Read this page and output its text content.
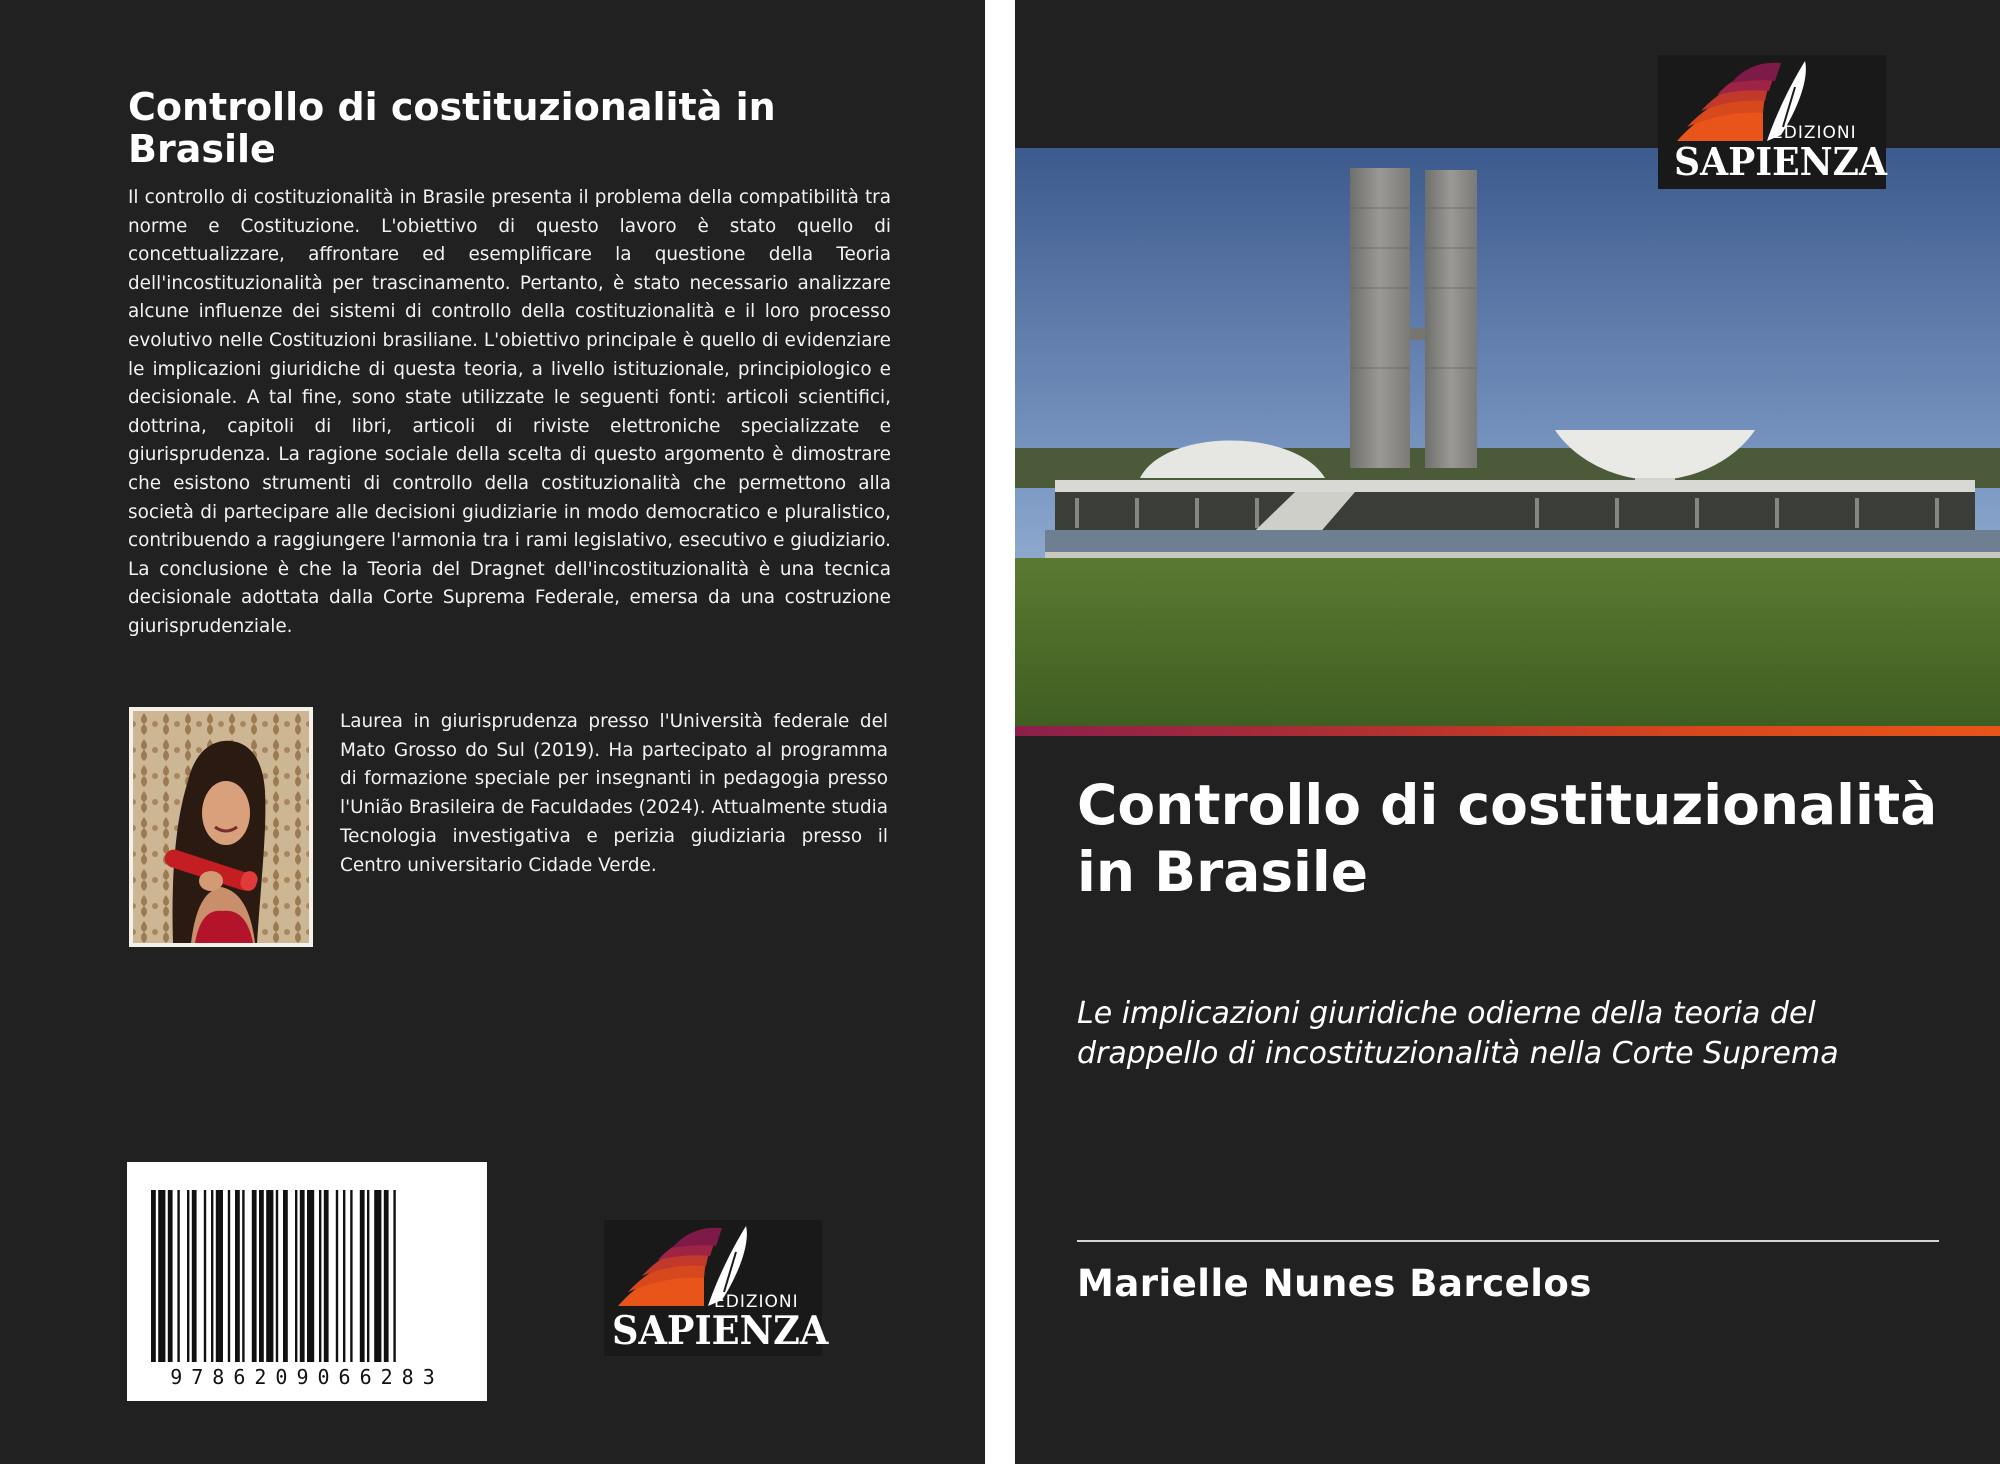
Controllo di costituzionalità in Brasile

Il controllo di costituzionalità in Brasile presenta il problema della compatibilità tra norme e Costituzione. L'obiettivo di questo lavoro è stato quello di concettualizzare, affrontare ed esemplificare la questione della Teoria dell'incostituzionalità per trascinamento. Pertanto, è stato necessario analizzare alcune influenze dei sistemi di controllo della costituzionalità e il loro processo evolutivo nelle Costituzioni brasiliane. L'obiettivo principale è quello di evidenziare le implicazioni giuridiche di questa teoria, a livello istituzionale, principiologico e decisionale. A tal fine, sono state utilizzate le seguenti fonti: articoli scientifici, dottrina, capitoli di libri, articoli di riviste elettroniche specializzate e giurisprudenza. La ragione sociale della scelta di questo argomento è dimostrare che esistono strumenti di controllo della costituzionalità che permettono alla società di partecipare alle decisioni giudiziarie in modo democratico e pluralistico, contribuendo a raggiungere l'armonia tra i rami legislativo, esecutivo e giudiziario. La conclusione è che la Teoria del Dragnet dell'incostituzionalità è una tecnica decisionale adottata dalla Corte Suprema Federale, emersa da una costruzione giurisprudenziale.

Laurea in giurisprudenza presso l'Università federale del Mato Grosso do Sul (2019). Ha partecipato al programma di formazione speciale per insegnanti in pedagogia presso l'União Brasileira de Faculdades (2024). Attualmente studia Tecnologia investigativa e perizia giudiziaria presso il Centro universitario Cidade Verde.

9786209066283
EDIZIONI
SAPIENZA
EDIZIONI
SAPIENZA
Controllo di costituzionalità in Brasile

Le implicazioni giuridiche odierne della teoria del drappello di incostituzionalità nella Corte Suprema

Marielle Nunes Barcelos
